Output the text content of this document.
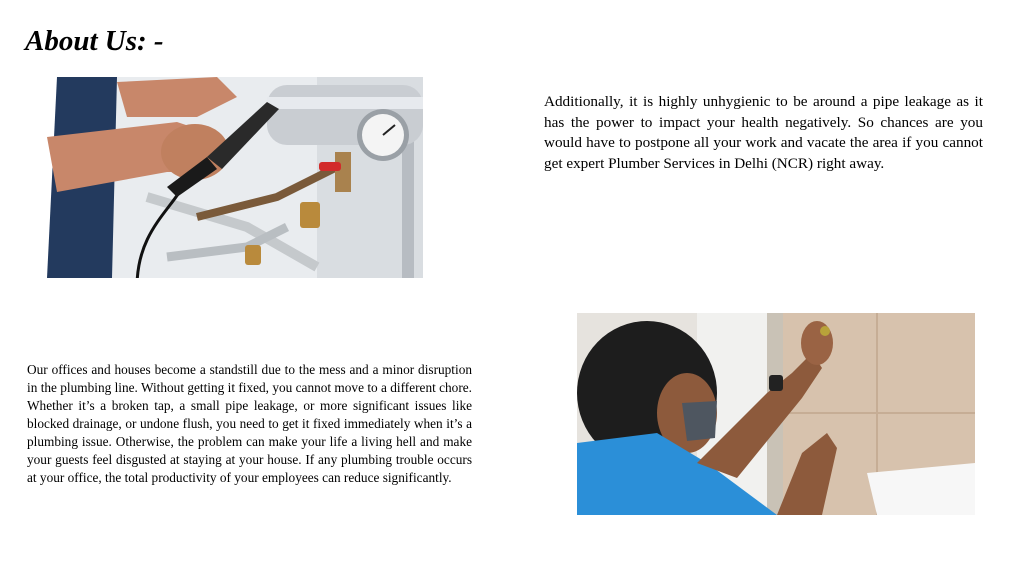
About Us: -

Additionally, it is highly unhygienic to be around a pipe leakage as it has the power to impact your health negatively. So chances are you would have to postpone all your work and vacate the area if you cannot get expert Plumber Services in Delhi (NCR) right away.

Our offices and houses become a standstill due to the mess and a minor disruption in the plumbing line. Without getting it fixed, you cannot move to a different chore. Whether it’s a broken tap, a small pipe leakage, or more significant issues like blocked drainage, or undone flush, you need to get it fixed immediately when it’s a plumbing issue. Otherwise, the problem can make your life a living hell and make your guests feel disgusted at staying at your house. If any plumbing trouble occurs at your office, the total productivity of your employees can reduce significantly.
